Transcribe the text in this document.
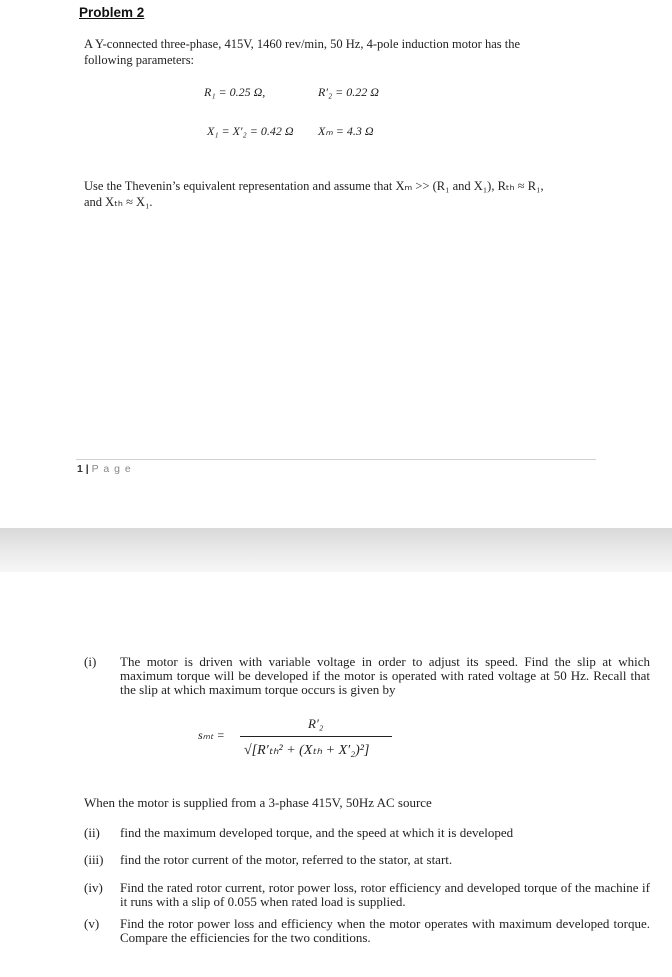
Problem 2
A Y-connected three-phase, 415V, 1460 rev/min, 50 Hz, 4-pole induction motor has the following parameters:
R₁ = 0.25 Ω,	R′₂ = 0.22 Ω
X₁ = X′₂ = 0.42 Ω Xₘ = 4.3 Ω
Use the Thevenin’s equivalent representation and assume that Xₘ >> (R₁ and X₁), Rₜₕ ≈ R₁,
and Xₜₕ ≈ X₁.
1 | P a g e
(i) The motor is driven with variable voltage in order to adjust its speed. Find the slip at which maximum torque will be developed if the motor is operated with rated voltage at 50 Hz. Recall that the slip at which maximum torque occurs is given by
sₘₜ =
R′₂
√[R′ₜₕ² + (Xₜₕ + X′₂)²]
When the motor is supplied from a 3-phase 415V, 50Hz AC source
(ii) find the maximum developed torque, and the speed at which it is developed
(iii) find the rotor current of the motor, referred to the stator, at start.
(iv) Find the rated rotor current, rotor power loss, rotor efficiency and developed torque of the machine if it runs with a slip of 0.055 when rated load is supplied.
(v) Find the rotor power loss and efficiency when the motor operates with maximum developed torque. Compare the efficiencies for the two conditions.
